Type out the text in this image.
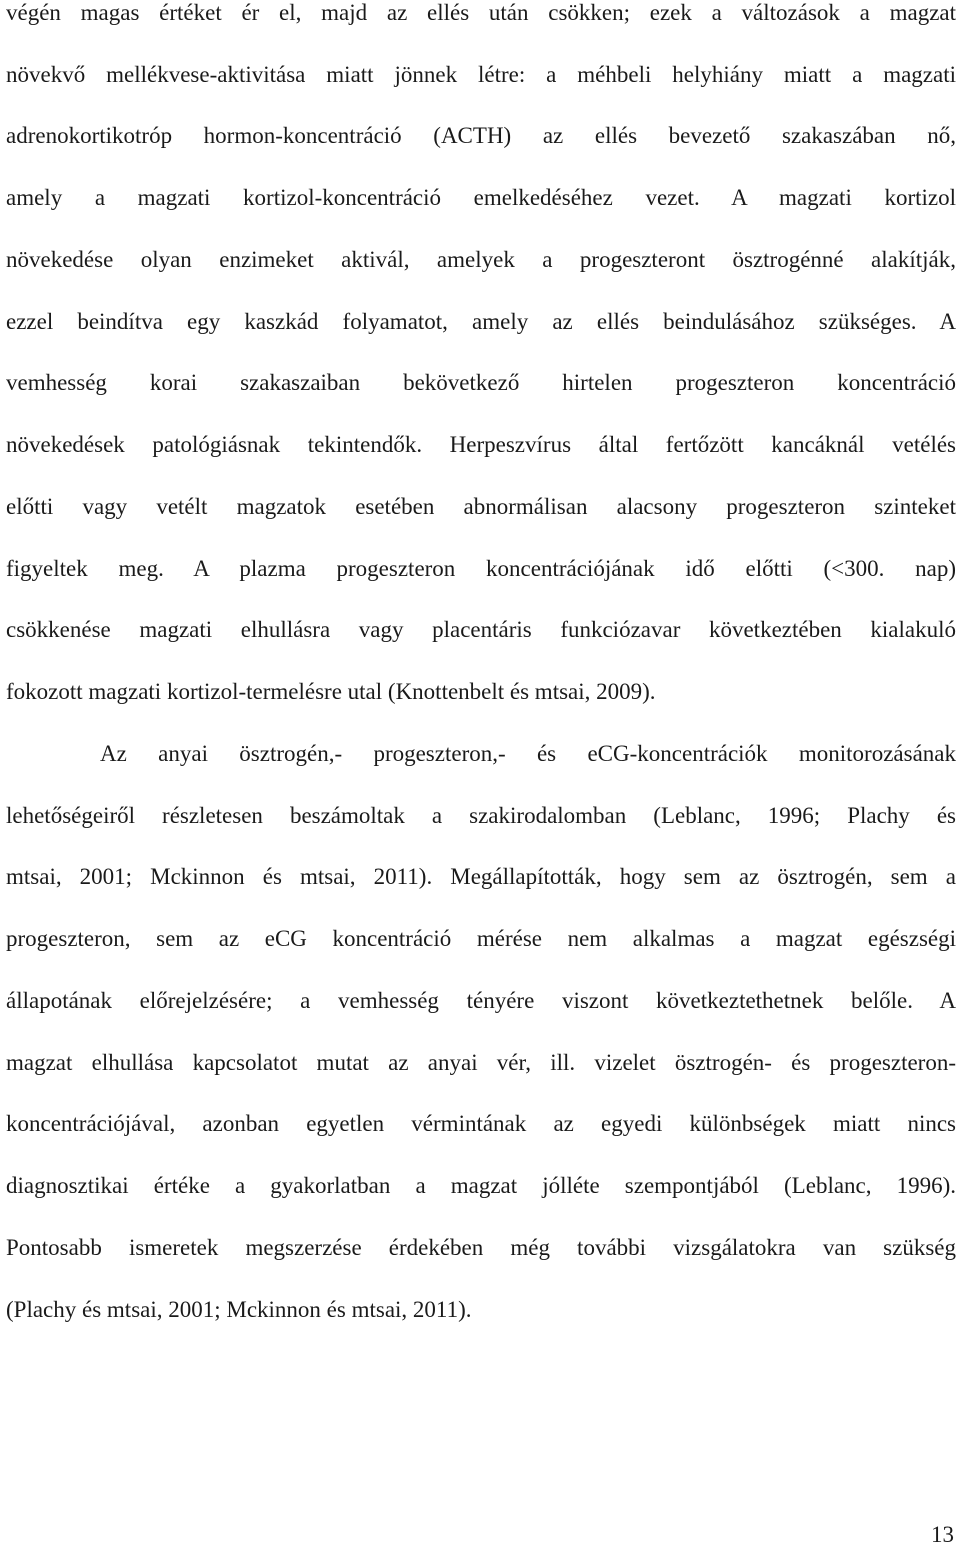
végén magas értéket ér el, majd az ellés után csökken; ezek a változások a magzat
növekvő mellékvese-aktivitása miatt jönnek létre: a méhbeli helyhiány miatt a magzati
adrenokortikotróp hormon-koncentráció (ACTH) az ellés bevezető szakaszában nő,
amely a magzati kortizol-koncentráció emelkedéséhez vezet. A magzati kortizol
növekedése olyan enzimeket aktivál, amelyek a progeszteront ösztrogénné alakítják,
ezzel beindítva egy kaszkád folyamatot, amely az ellés beindulásához szükséges. A
vemhesség korai szakaszaiban bekövetkező hirtelen progeszteron koncentráció
növekedések patológiásnak tekintendők. Herpeszvírus által fertőzött kancáknál vetélés
előtti vagy vetélt magzatok esetében abnormálisan alacsony progeszteron szinteket
figyeltek meg. A plazma progeszteron koncentrációjának idő előtti (<300. nap)
csökkenése magzati elhullásra vagy placentáris funkciózavar következtében kialakuló
fokozott magzati kortizol-termelésre utal (Knottenbelt és mtsai, 2009).
Az anyai ösztrogén,- progeszteron,- és eCG-koncentrációk monitorozásának
lehetőségeiről részletesen beszámoltak a szakirodalomban (Leblanc, 1996; Plachy és
mtsai, 2001; Mckinnon és mtsai, 2011). Megállapították, hogy sem az ösztrogén, sem a
progeszteron, sem az eCG koncentráció mérése nem alkalmas a magzat egészségi
állapotának előrejelzésére; a vemhesség tényére viszont következtethetnek belőle. A
magzat elhullása kapcsolatot mutat az anyai vér, ill. vizelet ösztrogén- és progeszteron-
koncentrációjával, azonban egyetlen vérmintának az egyedi különbségek miatt nincs
diagnosztikai értéke a gyakorlatban a magzat jólléte szempontjából (Leblanc, 1996).
Pontosabb ismeretek megszerzése érdekében még további vizsgálatokra van szükség
(Plachy és mtsai, 2001; Mckinnon és mtsai, 2011).
13
